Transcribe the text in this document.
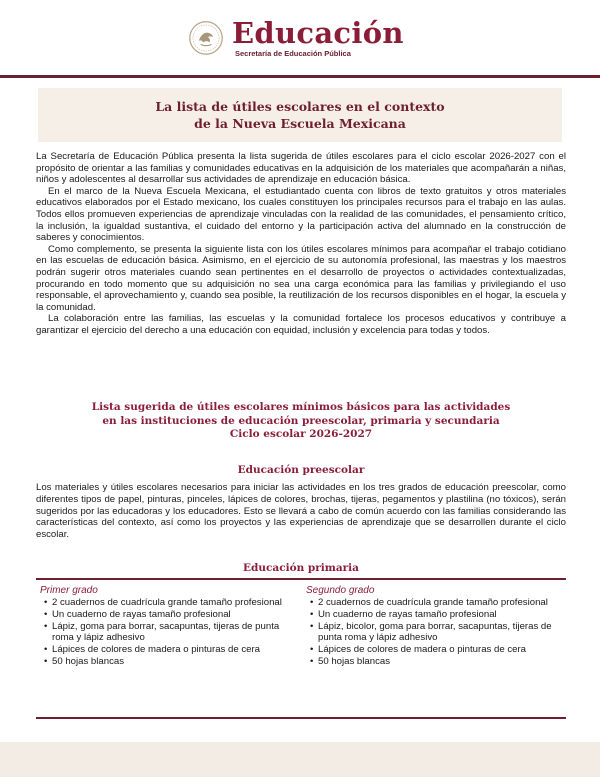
Educación
Secretaría de Educación Pública
La lista de útiles escolares en el contexto
de la Nueva Escuela Mexicana

La Secretaría de Educación Pública presenta la lista sugerida de útiles escolares para el ciclo escolar 2026-2027 con el propósito de orientar a las familias y comunidades educativas en la adquisición de los materiales que acompañarán a niñas, niños y adolescentes al desarrollar sus actividades de aprendizaje en educación básica.

En el marco de la Nueva Escuela Mexicana, el estudiantado cuenta con libros de texto gratuitos y otros materiales educativos elaborados por el Estado mexicano, los cuales constituyen los principales recursos para el trabajo en las aulas. Todos ellos promueven experiencias de aprendizaje vinculadas con la realidad de las comunidades, el pensamiento crítico, la inclusión, la igualdad sustantiva, el cuidado del entorno y la participación activa del alumnado en la construcción de saberes y conocimientos.

Como complemento, se presenta la siguiente lista con los útiles escolares mínimos para acompañar el trabajo cotidiano en las escuelas de educación básica. Asimismo, en el ejercicio de su autonomía profesional, las maestras y los maestros podrán sugerir otros materiales cuando sean pertinentes en el desarrollo de proyectos o actividades contextualizadas, procurando en todo momento que su adquisición no sea una carga económica para las familias y privilegiando el uso responsable, el aprovechamiento y, cuando sea posible, la reutilización de los recursos disponibles en el hogar, la escuela y la comunidad.

La colaboración entre las familias, las escuelas y la comunidad fortalece los procesos educativos y contribuye a garantizar el ejercicio del derecho a una educación con equidad, inclusión y excelencia para todas y todos.

Lista sugerida de útiles escolares mínimos básicos para las actividades
en las instituciones de educación preescolar, primaria y secundaria
Ciclo escolar 2026-2027
Educación preescolar
Los materiales y útiles escolares necesarios para iniciar las actividades en los tres grados de educación preescolar, como diferentes tipos de papel, pinturas, pinceles, lápices de colores, brochas, tijeras, pegamentos y plastilina (no tóxicos), serán sugeridos por las educadoras y los educadores. Esto se llevará a cabo de común acuerdo con las familias considerando las características del contexto, así como los proyectos y las experiencias de aprendizaje que se desarrollen durante el ciclo escolar.
Educación primaria
Primer grado
• 2 cuadernos de cuadrícula grande tamaño profesional
• Un cuaderno de rayas tamaño profesional
• Lápiz, goma para borrar, sacapuntas, tijeras de punta roma y lápiz adhesivo
• Lápices de colores de madera o pinturas de cera
• 50 hojas blancas
Segundo grado
• 2 cuadernos de cuadrícula grande tamaño profesional
• Un cuaderno de rayas tamaño profesional
• Lápiz, bicolor, goma para borrar, sacapuntas, tijeras de punta roma y lápiz adhesivo
• Lápices de colores de madera o pinturas de cera
• 50 hojas blancas
